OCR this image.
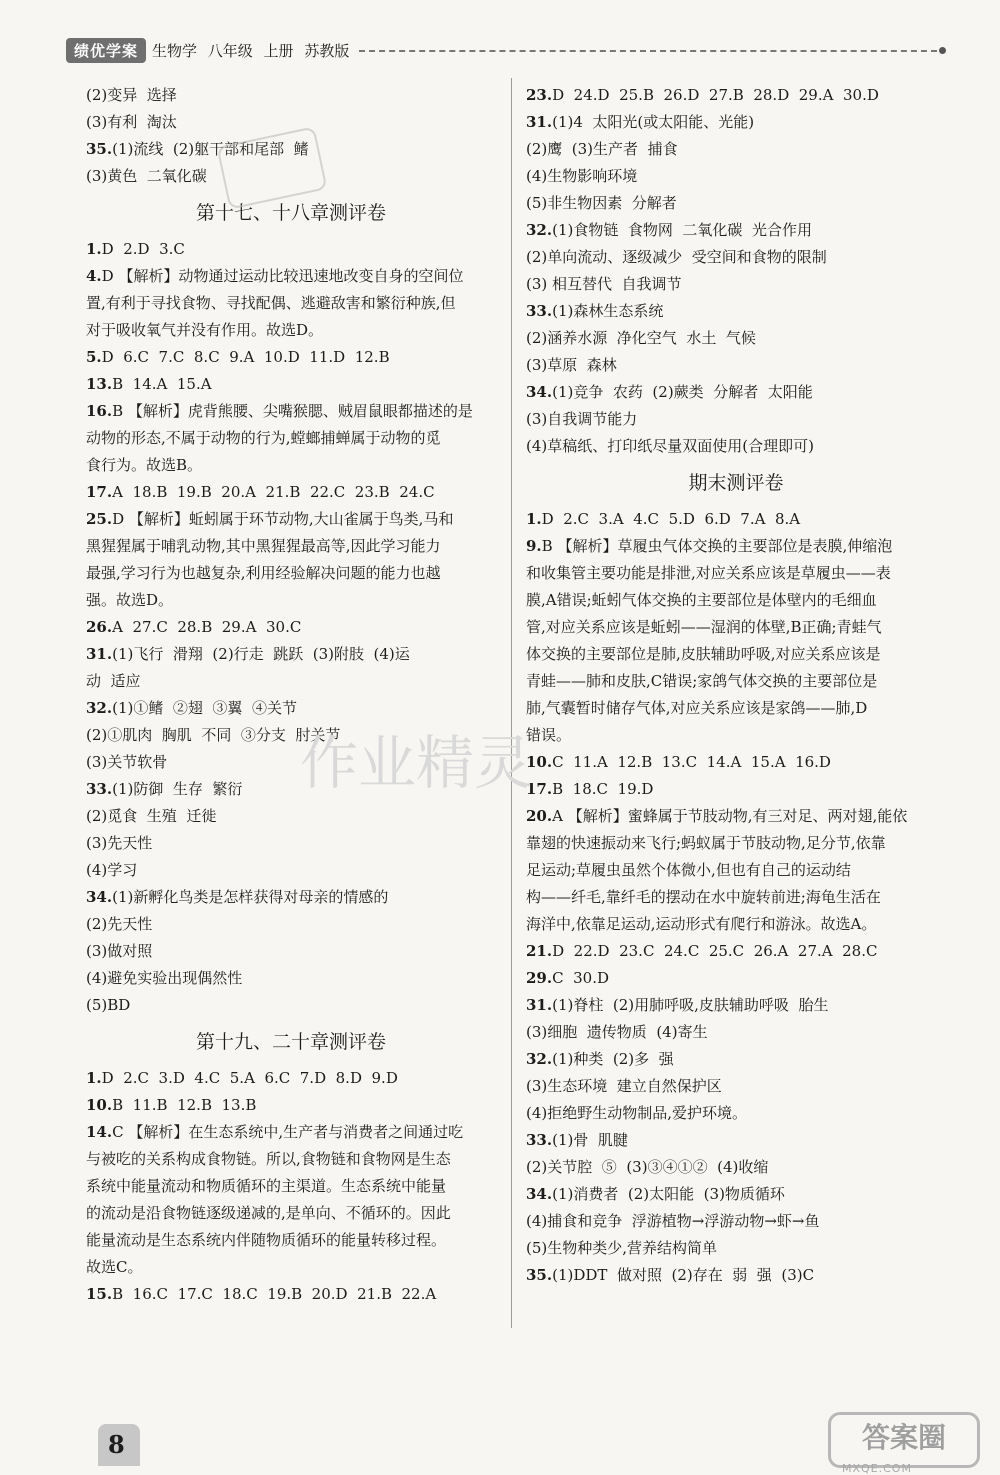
绩优学案 生物学 八年级 上册 苏教版
(2)变异  选择
(3)有利  淘汰
35.(1)流线  (2)躯干部和尾部  鳍
(3)黄色  二氧化碳
第十七、十八章测评卷
1.D  2.D  3.C
4.D 【解析】动物通过运动比较迅速地改变自身的空间位
置,有利于寻找食物、寻找配偶、逃避敌害和繁衍种族,但
对于吸收氧气并没有作用。故选D。
5.D  6.C  7.C  8.C  9.A  10.D  11.D  12.B
13.B  14.A  15.A
16.B 【解析】虎背熊腰、尖嘴猴腮、贼眉鼠眼都描述的是
动物的形态,不属于动物的行为,螳螂捕蝉属于动物的觅
食行为。故选B。
17.A  18.B  19.B  20.A  21.B  22.C  23.B  24.C
25.D 【解析】蚯蚓属于环节动物,大山雀属于鸟类,马和
黑猩猩属于哺乳动物,其中黑猩猩最高等,因此学习能力
最强,学习行为也越复杂,利用经验解决问题的能力也越
强。故选D。
26.A  27.C  28.B  29.A  30.C
31.(1)飞行  滑翔  (2)行走  跳跃  (3)附肢  (4)运
动  适应
32.(1)①鳍  ②翅  ③翼  ④关节
(2)①肌肉  胸肌  不同  ③分支  肘关节
(3)关节软骨
33.(1)防御  生存  繁衍
(2)觅食  生殖  迁徙
(3)先天性
(4)学习
34.(1)新孵化鸟类是怎样获得对母亲的情感的
(2)先天性
(3)做对照
(4)避免实验出现偶然性
(5)BD
第十九、二十章测评卷
1.D  2.C  3.D  4.C  5.A  6.C  7.D  8.D  9.D
10.B  11.B  12.B  13.B
14.C 【解析】在生态系统中,生产者与消费者之间通过吃
与被吃的关系构成食物链。所以,食物链和食物网是生态
系统中能量流动和物质循环的主渠道。生态系统中能量
的流动是沿食物链逐级递减的,是单向、不循环的。因此
能量流动是生态系统内伴随物质循环的能量转移过程。
故选C。
15.B  16.C  17.C  18.C  19.B  20.D  21.B  22.A
23.D  24.D  25.B  26.D  27.B  28.D  29.A  30.D
31.(1)4  太阳光(或太阳能、光能)
(2)鹰  (3)生产者  捕食
(4)生物影响环境
(5)非生物因素  分解者
32.(1)食物链  食物网  二氧化碳  光合作用
(2)单向流动、逐级减少  受空间和食物的限制
(3) 相互替代  自我调节
33.(1)森林生态系统
(2)涵养水源  净化空气  水土  气候
(3)草原  森林
34.(1)竞争  农药  (2)蕨类  分解者  太阳能
(3)自我调节能力
(4)草稿纸、打印纸尽量双面使用(合理即可)
期末测评卷
1.D  2.C  3.A  4.C  5.D  6.D  7.A  8.A
9.B 【解析】草履虫气体交换的主要部位是表膜,伸缩泡
和收集管主要功能是排泄,对应关系应该是草履虫——表
膜,A错误;蚯蚓气体交换的主要部位是体壁内的毛细血
管,对应关系应该是蚯蚓——湿润的体壁,B正确;青蛙气
体交换的主要部位是肺,皮肤辅助呼吸,对应关系应该是
青蛙——肺和皮肤,C错误;家鸽气体交换的主要部位是
肺,气囊暂时储存气体,对应关系应该是家鸽——肺,D
错误。
10.C  11.A  12.B  13.C  14.A  15.A  16.D
17.B  18.C  19.D
20.A 【解析】蜜蜂属于节肢动物,有三对足、两对翅,能依
靠翅的快速振动来飞行;蚂蚁属于节肢动物,足分节,依靠
足运动;草履虫虽然个体微小,但也有自己的运动结
构——纤毛,靠纤毛的摆动在水中旋转前进;海龟生活在
海洋中,依靠足运动,运动形式有爬行和游泳。故选A。
21.D  22.D  23.C  24.C  25.C  26.A  27.A  28.C
29.C  30.D
31.(1)脊柱  (2)用肺呼吸,皮肤辅助呼吸  胎生
(3)细胞  遗传物质  (4)寄生
32.(1)种类  (2)多  强
(3)生态环境  建立自然保护区
(4)拒绝野生动物制品,爱护环境。
33.(1)骨  肌腱
(2)关节腔  ⑤  (3)③④①②  (4)收缩
34.(1)消费者  (2)太阳能  (3)物质循环
(4)捕食和竞争  浮游植物→浮游动物→虾→鱼
(5)生物种类少,营养结构简单
35.(1)DDT  做对照  (2)存在  弱  强  (3)C
作业精灵
8	答案圈
MXQE.COM
